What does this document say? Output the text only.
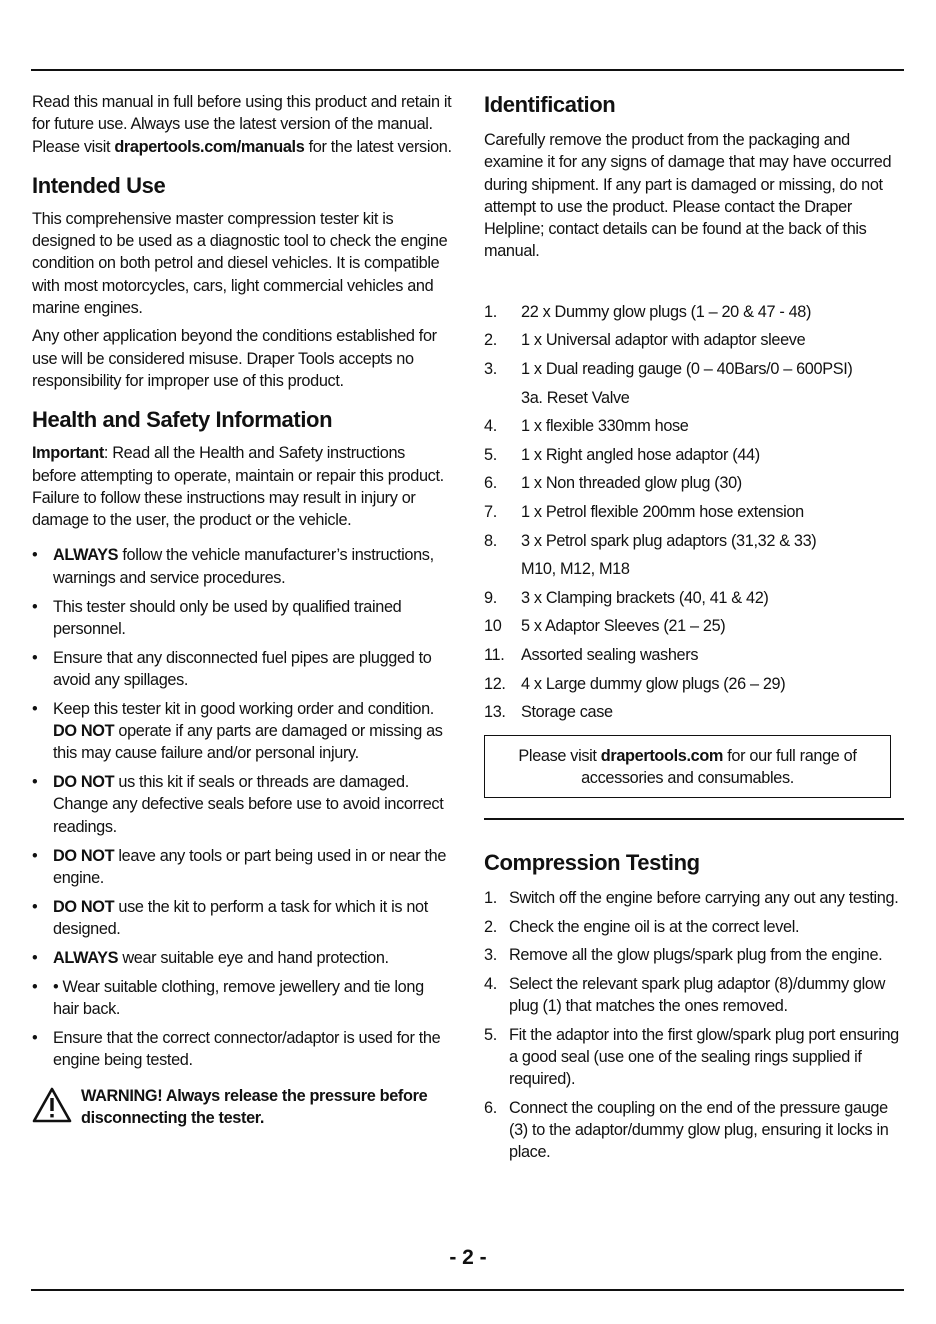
Read this manual in full before using this product and retain it for future use. Always use the latest version of the manual. Please visit drapertools.com/manuals for the latest version.

Intended Use

This comprehensive master compression tester kit is designed to be used as a diagnostic tool to check the engine condition on both petrol and diesel vehicles. It is compatible with most motorcycles, cars, light commercial vehicles and marine engines.

Any other application beyond the conditions established for use will be considered misuse. Draper Tools accepts no responsibility for improper use of this product.

Health and Safety Information

Important: Read all the Health and Safety instructions before attempting to operate, maintain or repair this product. Failure to follow these instructions may result in injury or damage to the user, the product or the vehicle.

• ALWAYS follow the vehicle manufacturer’s instructions, warnings and service procedures.
• This tester should only be used by qualified trained personnel.
• Ensure that any disconnected fuel pipes are plugged to avoid any spillages.
• Keep this tester kit in good working order and condition. DO NOT operate if any parts are damaged or missing as this may cause failure and/or personal injury.
• DO NOT us this kit if seals or threads are damaged. Change any defective seals before use to avoid incorrect readings.
• DO NOT leave any tools or part being used in or near the engine.
• DO NOT use the kit to perform a task for which it is not designed.
• ALWAYS wear suitable eye and hand protection.
• • Wear suitable clothing, remove jewellery and tie long hair back.
• Ensure that the correct connector/adaptor is used for the engine being tested.
WARNING! Always release the pressure before disconnecting the tester.
Identification

Carefully remove the product from the packaging and examine it for any signs of damage that may have occurred during shipment. If any part is damaged or missing, do not attempt to use the product. Please contact the Draper Helpline; contact details can be found at the back of this manual.

1.	22 x Dummy glow plugs (1 – 20 & 47 - 48)
2.	1 x Universal adaptor with adaptor sleeve
3.	1 x Dual reading gauge (0 – 40Bars/0 – 600PSI)
3a. Reset Valve
4.	1 x flexible 330mm hose
5.	1 x Right angled hose adaptor (44)
6.	1 x Non threaded glow plug (30)
7.	1 x Petrol flexible 200mm hose extension
8.	3 x Petrol spark plug adaptors (31,32 & 33)
M10, M12, M18
9.	3 x Clamping brackets (40, 41 & 42)
10	5 x Adaptor Sleeves (21 – 25)
11.	Assorted sealing washers
12. 4 x Large dummy glow plugs (26 – 29)
13. Storage case
Please visit drapertools.com for our full range of accessories and consumables.
Compression Testing
1. Switch off the engine before carrying any out any testing.
2. Check the engine oil is at the correct level.
3. Remove all the glow plugs/spark plug from the engine.
4. Select the relevant spark plug adaptor (8)/dummy glow plug (1) that matches the ones removed.
5. Fit the adaptor into the first glow/spark plug port ensuring a good seal (use one of the sealing rings supplied if required).
6. Connect the coupling on the end of the pressure gauge (3) to the adaptor/dummy glow plug, ensuring it locks in place.
- 2 -
